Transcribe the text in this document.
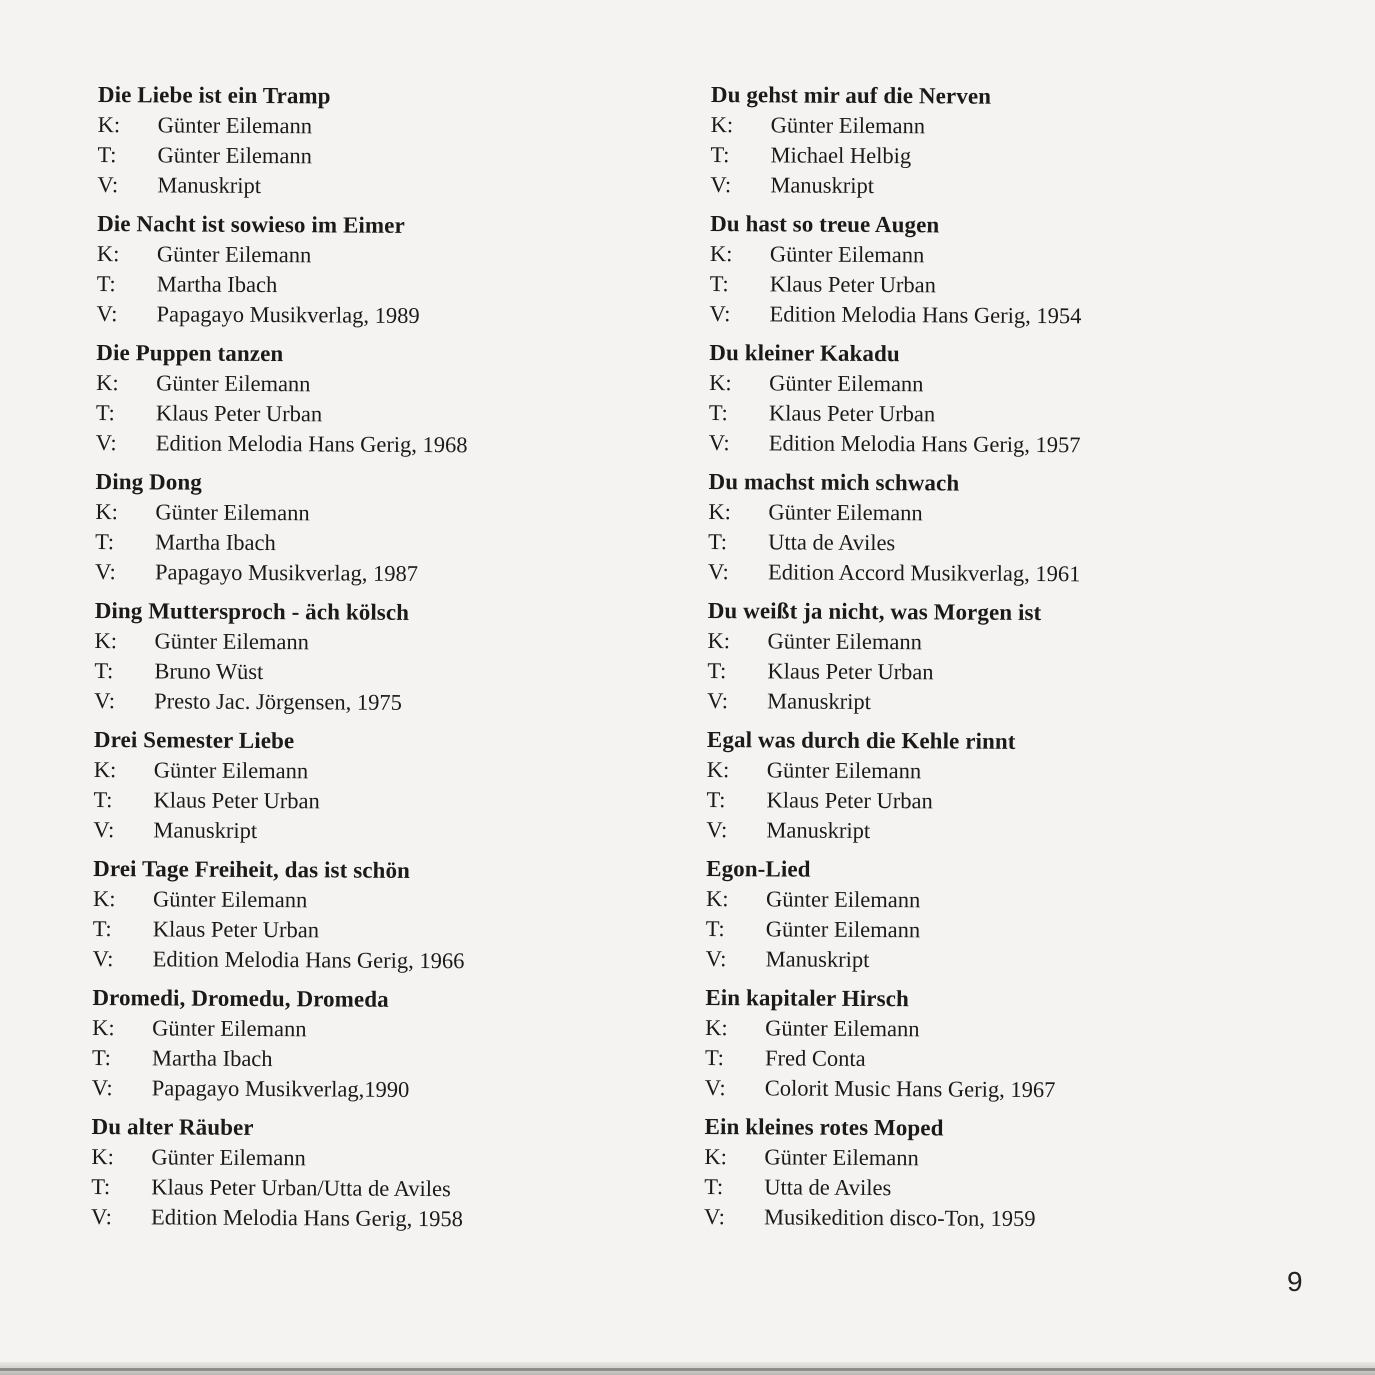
Die Liebe ist ein Tramp
K:	Günter Eilemann
T:	Günter Eilemann
V:	Manuskript
Die Nacht ist sowieso im Eimer
K:	Günter Eilemann
T:	Martha Ibach
V:	Papagayo Musikverlag, 1989
Die Puppen tanzen
K:	Günter Eilemann
T:	Klaus Peter Urban
V:	Edition Melodia Hans Gerig, 1968
Ding Dong
K:	Günter Eilemann
T:	Martha Ibach
V:	Papagayo Musikverlag, 1987
Ding Muttersproch - äch kölsch
K:	Günter Eilemann
T:	Bruno Wüst
V:	Presto Jac. Jörgensen, 1975
Drei Semester Liebe
K:	Günter Eilemann
T:	Klaus Peter Urban
V:	Manuskript
Drei Tage Freiheit, das ist schön
K:	Günter Eilemann
T:	Klaus Peter Urban
V:	Edition Melodia Hans Gerig, 1966
Dromedi, Dromedu, Dromeda
K:	Günter Eilemann
T:	Martha Ibach
V:	Papagayo Musikverlag,1990
Du alter Räuber
K:	Günter Eilemann
T:	Klaus Peter Urban/Utta de Aviles
V:	Edition Melodia Hans Gerig, 1958
Du gehst mir auf die Nerven
K:	Günter Eilemann
T:	Michael Helbig
V:	Manuskript
Du hast so treue Augen
K:	Günter Eilemann
T:	Klaus Peter Urban
V:	Edition Melodia Hans Gerig, 1954
Du kleiner Kakadu
K:	Günter Eilemann
T:	Klaus Peter Urban
V:	Edition Melodia Hans Gerig, 1957
Du machst mich schwach
K:	Günter Eilemann
T:	Utta de Aviles
V:	Edition Accord Musikverlag, 1961
Du weißt ja nicht, was Morgen ist
K:	Günter Eilemann
T:	Klaus Peter Urban
V:	Manuskript
Egal was durch die Kehle rinnt
K:	Günter Eilemann
T:	Klaus Peter Urban
V:	Manuskript
Egon-Lied
K:	Günter Eilemann
T:	Günter Eilemann
V:	Manuskript
Ein kapitaler Hirsch
K:	Günter Eilemann
T:	Fred Conta
V:	Colorit Music Hans Gerig, 1967
Ein kleines rotes Moped
K:	Günter Eilemann
T:	Utta de Aviles
V:	Musikedition disco-Ton, 1959
9
